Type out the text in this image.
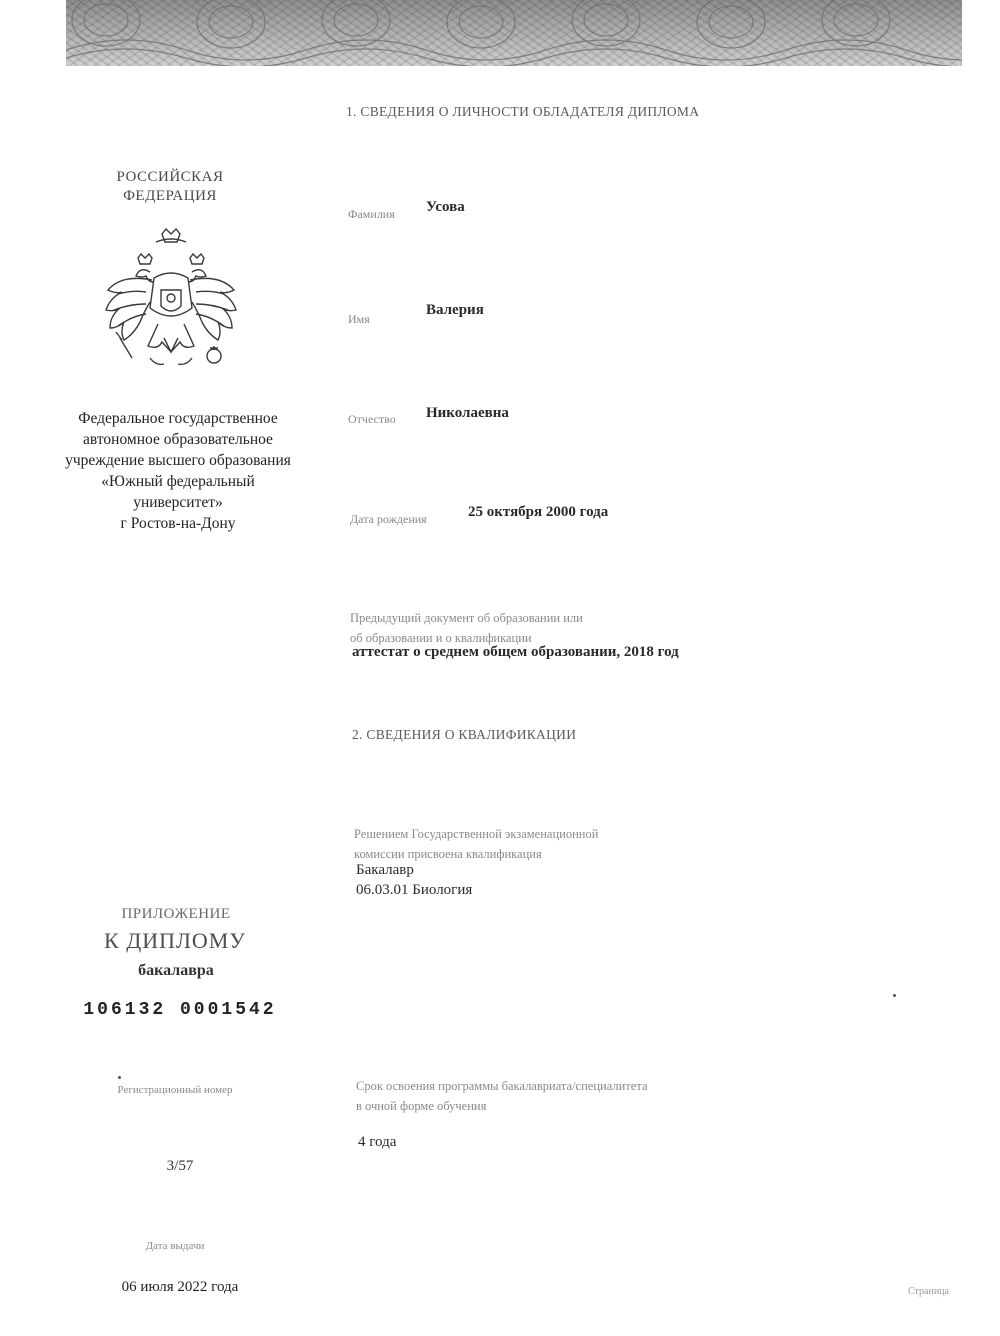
РОССИЙСКАЯ
ФЕДЕРАЦИЯ
Федеральное государственное
автономное образовательное
учреждение высшего образования
«Южный федеральный
университет»
г Ростов-на-Дону
ПРИЛОЖЕНИЕ
К ДИПЛОМУ
бакалавра
106132 0001542
Регистрационный номер
3/57
Дата выдачи
06 июля 2022 года
1. СВЕДЕНИЯ О ЛИЧНОСТИ ОБЛАДАТЕЛЯ ДИПЛОМА
Фамилия Усова
Имя
Валерия
Отчество Николаевна
Дата рождения	25 октября 2000 года
Предыдущий документ об образовании или
об образовании и о квалификации
аттестат о среднем общем образовании, 2018 год
2. СВЕДЕНИЯ О КВАЛИФИКАЦИИ
Решением Государственной экзаменационной
комиссии присвоена квалификация
Бакалавр
06.03.01 Биология
Срок освоения программы бакалавриата/специалитета
в очной форме обучения
4 года
Страница
